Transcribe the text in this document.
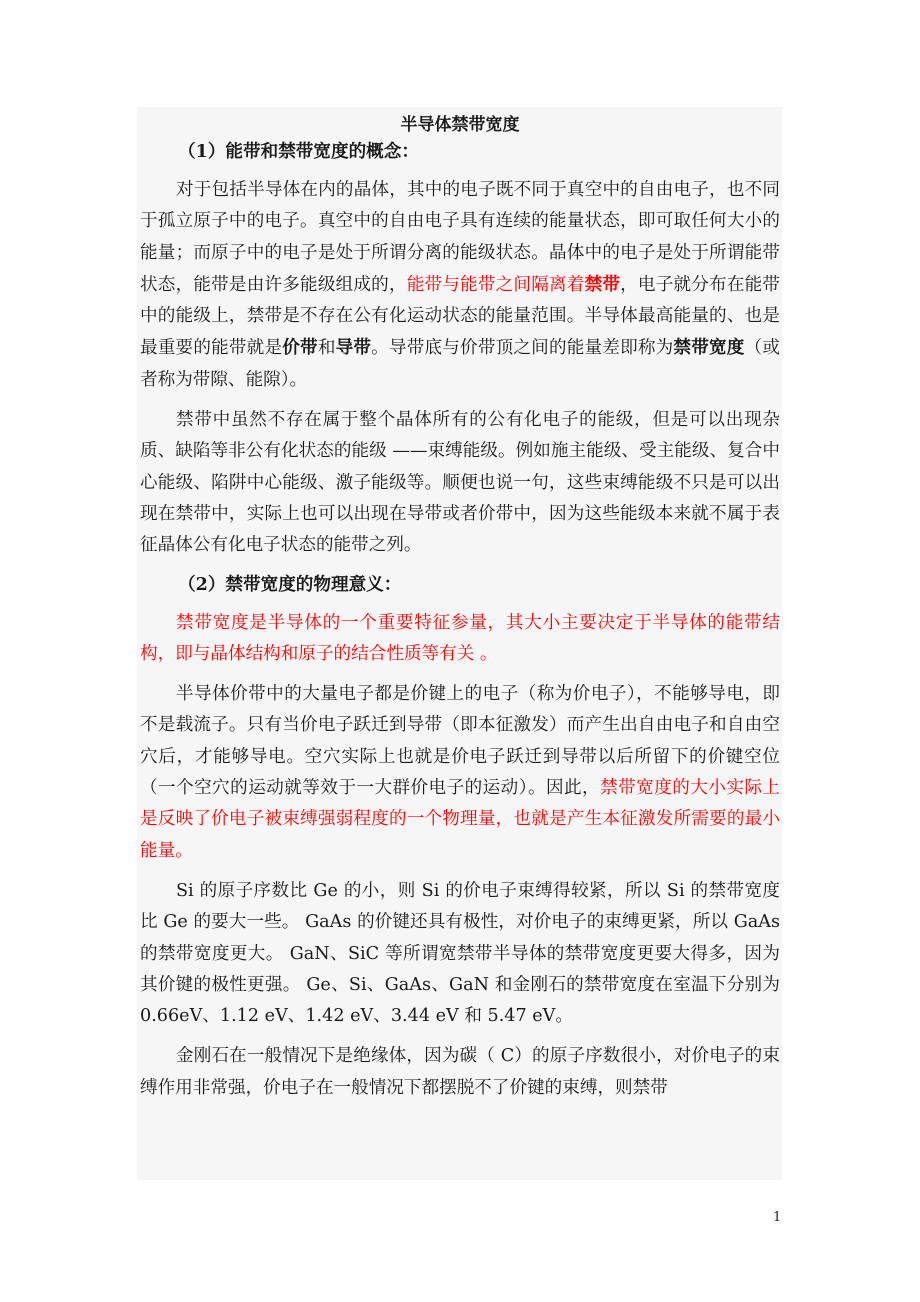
半导体禁带宽度
（1）能带和禁带宽度的概念：

对于包括半导体在内的晶体，其中的电子既不同于真空中的自由电子，也不同于孤立原子中的电子。真空中的自由电子具有连续的能量状态，即可取任何大小的能量；而原子中的电子是处于所谓分离的能级状态。晶体中的电子是处于所谓能带状态，能带是由许多能级组成的，能带与能带之间隔离着禁带，电子就分布在能带中的能级上，禁带是不存在公有化运动状态的能量范围。半导体最高能量的、也是最重要的能带就是价带和导带。导带底与价带顶之间的能量差即称为禁带宽度（或者称为带隙、能隙）。

禁带中虽然不存在属于整个晶体所有的公有化电子的能级，但是可以出现杂质、缺陷等非公有化状态的能级 ——束缚能级。例如施主能级、受主能级、复合中心能级、陷阱中心能级、激子能级等。顺便也说一句，这些束缚能级不只是可以出现在禁带中，实际上也可以出现在导带或者价带中，因为这些能级本来就不属于表征晶体公有化电子状态的能带之列。

（2）禁带宽度的物理意义：

禁带宽度是半导体的一个重要特征参量，其大小主要决定于半导体的能带结构，即与晶体结构和原子的结合性质等有关 。

半导体价带中的大量电子都是价键上的电子（称为价电子），不能够导电，即不是载流子。只有当价电子跃迁到导带（即本征激发）而产生出自由电子和自由空穴后，才能够导电。空穴实际上也就是价电子跃迁到导带以后所留下的价键空位（一个空穴的运动就等效于一大群价电子的运动）。因此，禁带宽度的大小实际上是反映了价电子被束缚强弱程度的一个物理量，也就是产生本征激发所需要的最小能量。

Si 的原子序数比 Ge 的小，则 Si 的价电子束缚得较紧，所以 Si 的禁带宽度比 Ge 的要大一些。 GaAs 的价键还具有极性，对价电子的束缚更紧，所以 GaAs 的禁带宽度更大。 GaN、SiC 等所谓宽禁带半导体的禁带宽度更要大得多，因为其价键的极性更强。 Ge、Si、GaAs、GaN 和金刚石的禁带宽度在室温下分别为 0.66eV、1.12 eV、1.42 eV、3.44 eV 和 5.47 eV。

金刚石在一般情况下是绝缘体，因为碳（ C）的原子序数很小，对价电子的束缚作用非常强，价电子在一般情况下都摆脱不了价键的束缚，则禁带

1
